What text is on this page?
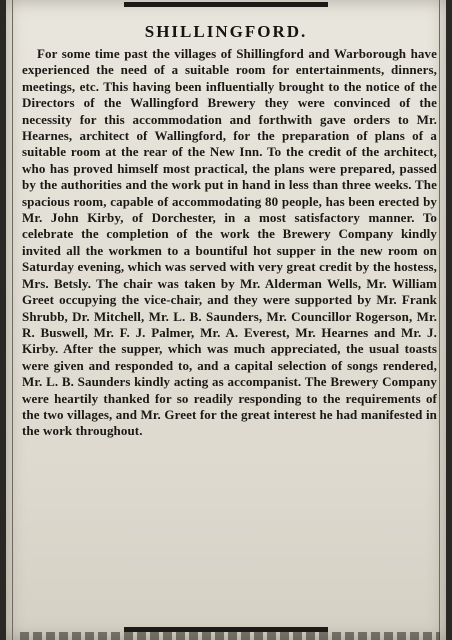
SHILLINGFORD.

For some time past the villages of Shillingford and Warborough have experienced the need of a suitable room for entertainments, dinners, meetings, etc. This having been influentially brought to the notice of the Directors of the Wallingford Brewery they were convinced of the necessity for this accommodation and forthwith gave orders to Mr. Hearnes, architect of Wallingford, for the preparation of plans of a suitable room at the rear of the New Inn. To the credit of the architect, who has proved himself most practical, the plans were prepared, passed by the authorities and the work put in hand in less than three weeks. The spacious room, capable of accommodating 80 people, has been erected by Mr. John Kirby, of Dorchester, in a most satisfactory manner. To celebrate the completion of the work the Brewery Company kindly invited all the workmen to a bountiful hot supper in the new room on Saturday evening, which was served with very great credit by the hostess, Mrs. Betsly. The chair was taken by Mr. Alderman Wells, Mr. William Greet occupying the vice-chair, and they were supported by Mr. Frank Shrubb, Dr. Mitchell, Mr. L. B. Saunders, Mr. Councillor Rogerson, Mr. R. Buswell, Mr. F. J. Palmer, Mr. A. Everest, Mr. Hearnes and Mr. J. Kirby. After the supper, which was much appreciated, the usual toasts were given and responded to, and a capital selection of songs rendered, Mr. L. B. Saunders kindly acting as accompanist. The Brewery Company were heartily thanked for so readily responding to the requirements of the two villages, and Mr. Greet for the great interest he had manifested in the work throughout.
